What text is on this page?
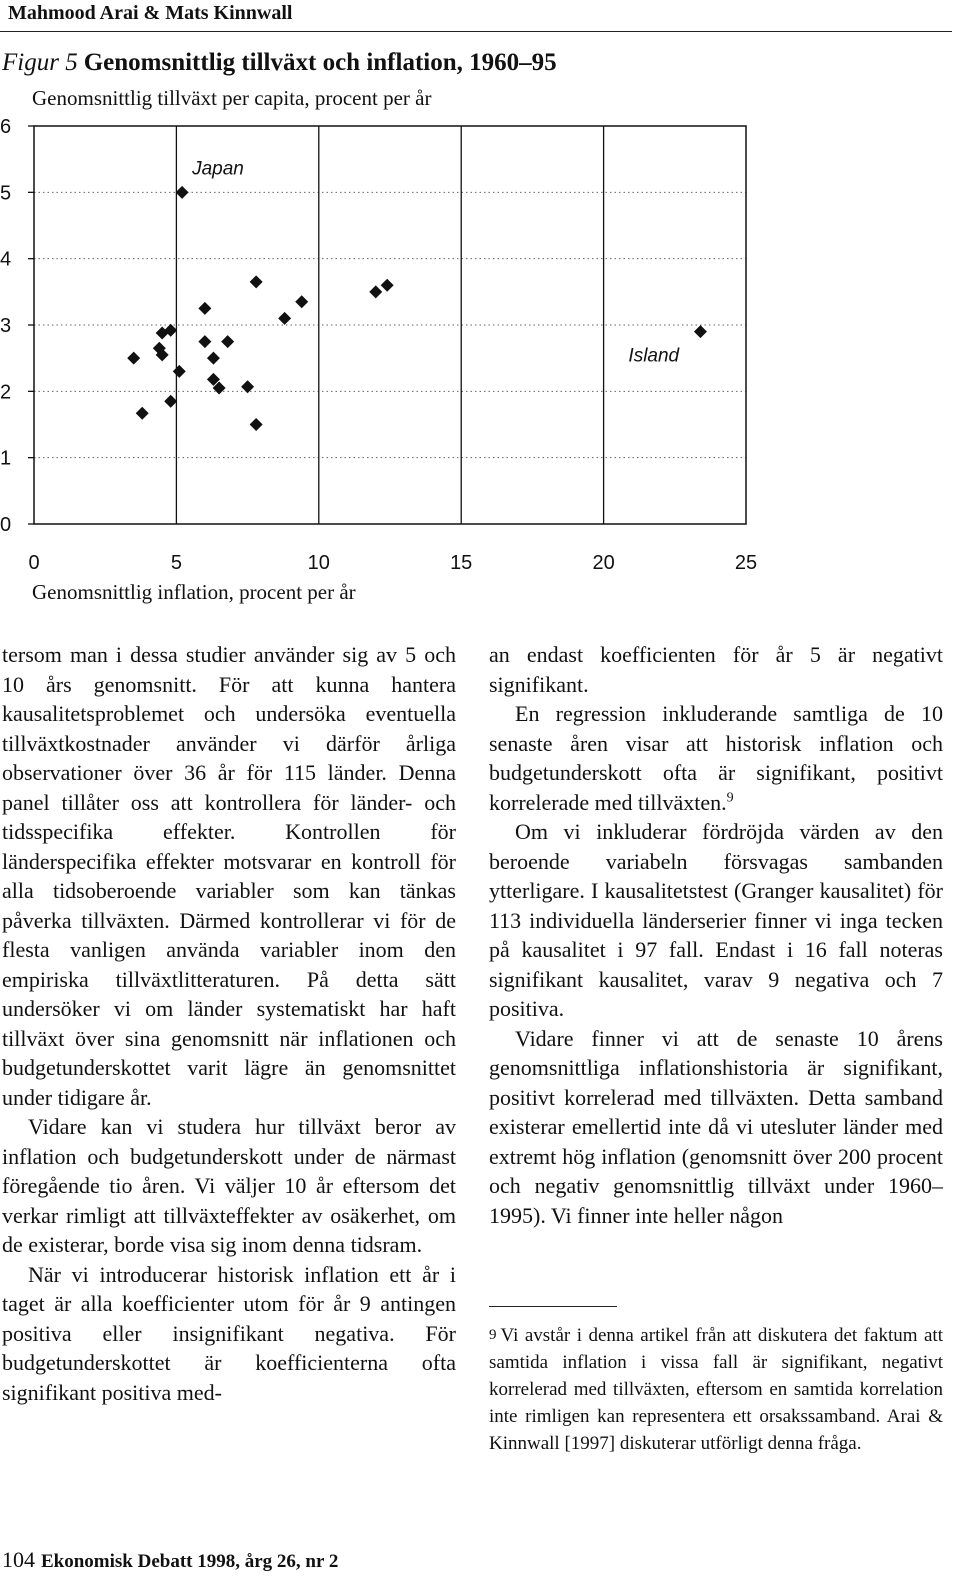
Mahmood Arai & Mats Kinnwall
Figur 5 Genomsnittlig tillväxt och inflation, 1960–95
Genomsnittlig tillväxt per capita, procent per år
0
1
2
3
4
5
6
0	5	10	15	20	25
Japan
Island
Genomsnittlig inflation, procent per år

tersom man i dessa studier använder sig av 5 och 10 års genomsnitt. För att kunna hantera kausalitetsproblemet och undersöka eventuella tillväxtkostnader använder vi därför årliga observationer över 36 år för 115 länder. Denna panel tillåter oss att kontrollera för länder- och tidsspecifika effekter. Kontrollen för länderspecifika effekter motsvarar en kontroll för alla tidsoberoende variabler som kan tänkas påverka tillväxten. Därmed kontrollerar vi för de flesta vanligen använda variabler inom den empiriska tillväxtlitteraturen. På detta sätt undersöker vi om länder systematiskt har haft tillväxt över sina genomsnitt när inflationen och budgetunderskottet varit lägre än genomsnittet under tidigare år.

Vidare kan vi studera hur tillväxt beror av inflation och budgetunderskott under de närmast föregående tio åren. Vi väljer 10 år eftersom det verkar rimligt att tillväxteffekter av osäkerhet, om de existerar, borde visa sig inom denna tidsram.

När vi introducerar historisk inflation ett år i taget är alla koefficienter utom för år 9 antingen positiva eller insignifikant negativa. För budgetunderskottet är koefficienterna ofta signifikant positiva med-

an endast koefficienten för år 5 är negativt signifikant.

En regression inkluderande samtliga de 10 senaste åren visar att historisk inflation och budgetunderskott ofta är signifikant, positivt korrelerade med tillväxten.$^9$

Om vi inkluderar fördröjda värden av den beroende variabeln försvagas sambanden ytterligare. I kausalitetstest (Granger kausalitet) för 113 individuella länderserier finner vi inga tecken på kausalitet i 97 fall. Endast i 16 fall noteras signifikant kausalitet, varav 9 negativa och 7 positiva.

Vidare finner vi att de senaste 10 årens genomsnittliga inflationshistoria är signifikant, positivt korrelerad med tillväxten. Detta samband existerar emellertid inte då vi utesluter länder med extremt hög inflation (genomsnitt över 200 procent och negativ genomsnittlig tillväxt under 1960–1995). Vi finner inte heller någon

$^9$ Vi avstår i denna artikel från att diskutera det faktum att samtida inflation i vissa fall är signifikant, negativt korrelerad med tillväxten, eftersom en samtida korrelation inte rimligen kan representera ett orsakssamband. Arai & Kinnwall [1997] diskuterar utförligt denna fråga.
104 Ekonomisk Debatt 1998, årg 26, nr 2
